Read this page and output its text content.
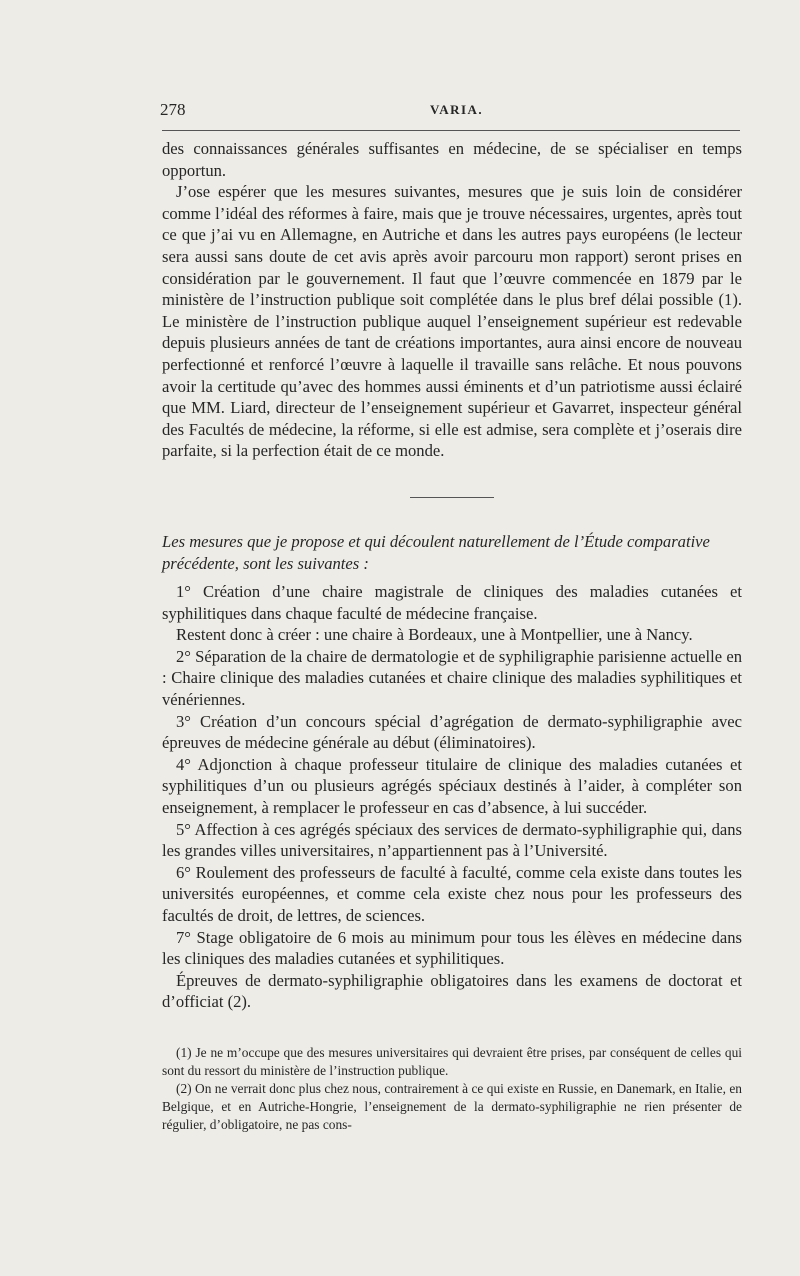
278	VARIA.

des connaissances générales suffisantes en médecine, de se spécialiser en temps opportun.

J’ose espérer que les mesures suivantes, mesures que je suis loin de considérer comme l’idéal des réformes à faire, mais que je trouve nécessaires, urgentes, après tout ce que j’ai vu en Allemagne, en Autriche et dans les autres pays européens (le lecteur sera aussi sans doute de cet avis après avoir parcouru mon rapport) seront prises en considération par le gouvernement. Il faut que l’œuvre commencée en 1879 par le ministère de l’instruction publique soit complétée dans le plus bref délai possible (1). Le ministère de l’instruction publique auquel l’enseignement supérieur est redevable depuis plusieurs années de tant de créations importantes, aura ainsi encore de nouveau perfectionné et renforcé l’œuvre à laquelle il travaille sans relâche. Et nous pouvons avoir la certitude qu’avec des hommes aussi éminents et d’un patriotisme aussi éclairé que MM. Liard, directeur de l’enseignement supérieur et Gavarret, inspecteur général des Facultés de médecine, la réforme, si elle est admise, sera complète et j’oserais dire parfaite, si la perfection était de ce monde.

Les mesures que je propose et qui découlent naturellement de l’Étude comparative précédente, sont les suivantes :

1° Création d’une chaire magistrale de cliniques des maladies cutanées et syphilitiques dans chaque faculté de médecine française.

Restent donc à créer : une chaire à Bordeaux, une à Montpellier, une à Nancy.

2° Séparation de la chaire de dermatologie et de syphiligraphie parisienne actuelle en : Chaire clinique des maladies cutanées et chaire clinique des maladies syphilitiques et vénériennes.

3° Création d’un concours spécial d’agrégation de dermato-syphiligraphie avec épreuves de médecine générale au début (éliminatoires).

4° Adjonction à chaque professeur titulaire de clinique des maladies cutanées et syphilitiques d’un ou plusieurs agrégés spéciaux destinés à l’aider, à compléter son enseignement, à remplacer le professeur en cas d’absence, à lui succéder.

5° Affection à ces agrégés spéciaux des services de dermato-syphiligraphie qui, dans les grandes villes universitaires, n’appartiennent pas à l’Université.

6° Roulement des professeurs de faculté à faculté, comme cela existe dans toutes les universités européennes, et comme cela existe chez nous pour les professeurs des facultés de droit, de lettres, de sciences.

7° Stage obligatoire de 6 mois au minimum pour tous les élèves en médecine dans les cliniques des maladies cutanées et syphilitiques.

Épreuves de dermato-syphiligraphie obligatoires dans les examens de doctorat et d’officiat (2).

(1) Je ne m’occupe que des mesures universitaires qui devraient être prises, par conséquent de celles qui sont du ressort du ministère de l’instruction publique.

(2) On ne verrait donc plus chez nous, contrairement à ce qui existe en Russie, en Danemark, en Italie, en Belgique, et en Autriche-Hongrie, l’enseignement de la dermato-syphiligraphie ne rien présenter de régulier, d’obligatoire, ne pas cons-
